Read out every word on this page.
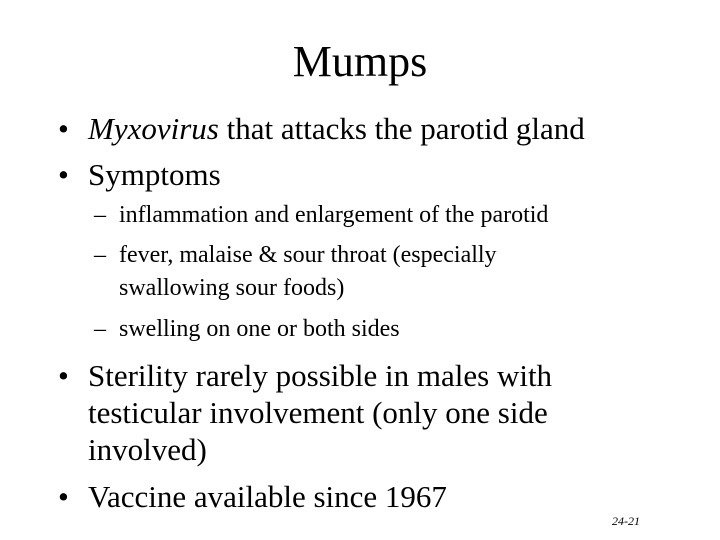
Mumps
• Myxovirus that attacks the parotid gland
• Symptoms
– inflammation and enlargement of the parotid
– fever, malaise & sour throat (especially
swallowing sour foods)
– swelling on one or both sides
• Sterility rarely possible in males with
testicular involvement (only one side
involved)
• Vaccine available since 1967
24-21
